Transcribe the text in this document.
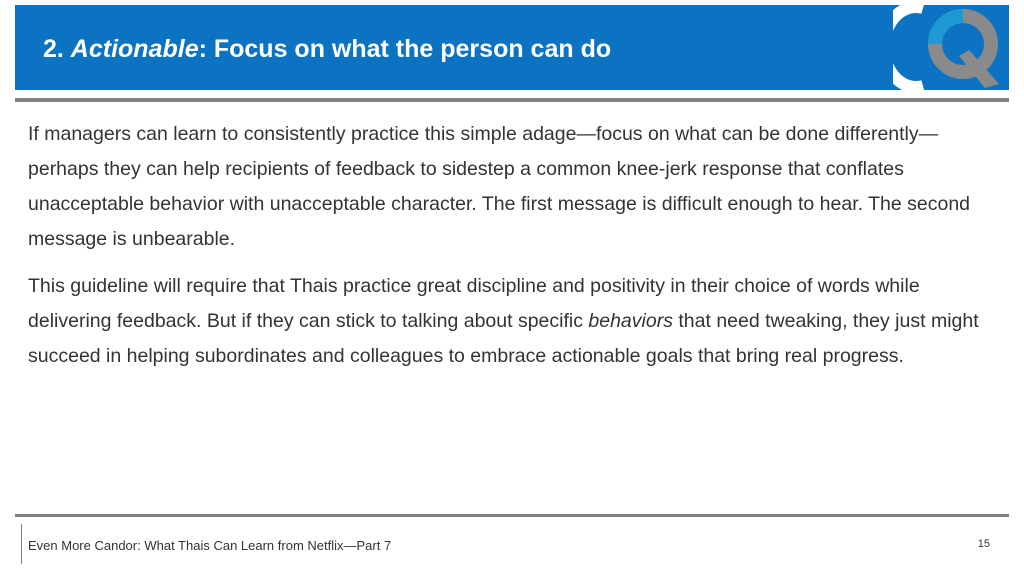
2. Actionable: Focus on what the person can do

If managers can learn to consistently practice this simple adage—focus on what can be done differently—perhaps they can help recipients of feedback to sidestep a common knee-jerk response that conflates unacceptable behavior with unacceptable character. The first message is difficult enough to hear. The second message is unbearable.

This guideline will require that Thais practice great discipline and positivity in their choice of words while delivering feedback. But if they can stick to talking about specific behaviors that need tweaking, they just might succeed in helping subordinates and colleagues to embrace actionable goals that bring real progress.

Even More Candor: What Thais Can Learn from Netflix—Part 7	15
